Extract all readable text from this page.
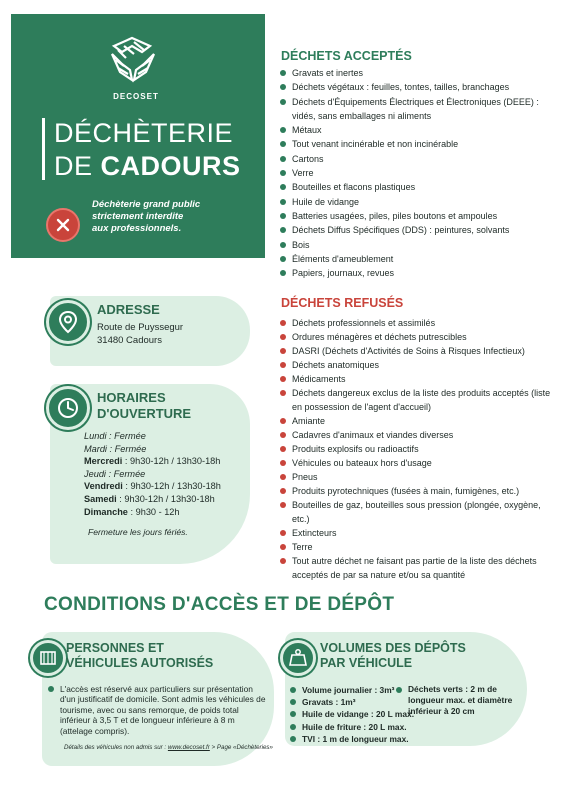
DECOSET
DÉCHÈTERIE
DE CADOURS
Déchèterie grand public
strictement interdite
aux professionnels.
ADRESSE
Route de Puyssegur
31480 Cadours
HORAIRES
D'OUVERTURE
Lundi : Fermée
Mardi : Fermée
Mercredi : 9h30-12h / 13h30-18h
Jeudi : Fermée
Vendredi : 9h30-12h / 13h30-18h
Samedi : 9h30-12h / 13h30-18h
Dimanche : 9h30 - 12h
Fermeture les jours fériés.
DÉCHETS ACCEPTÉS
Gravats et inertes
Déchets végétaux : feuilles, tontes, tailles, branchages
Déchets d'Équipements Électriques et Électroniques (DEEE) : vidés, sans emballages ni aliments
Métaux
Tout venant incinérable et non incinérable
Cartons
Verre
Bouteilles et flacons plastiques
Huile de vidange
Batteries usagées, piles, piles boutons et ampoules
Déchets Diffus Spécifiques (DDS) : peintures, solvants
Bois
Éléments d'ameublement
Papiers, journaux, revues
DÉCHETS REFUSÉS
Déchets professionnels et assimilés
Ordures ménagères et déchets putrescibles
DASRI (Déchets d'Activités de Soins à Risques Infectieux)
Déchets anatomiques
Médicaments
Déchets dangereux exclus de la liste des produits acceptés (liste en possession de l'agent d'accueil)
Amiante
Cadavres d'animaux et viandes diverses
Produits explosifs ou radioactifs
Véhicules ou bateaux hors d'usage
Pneus
Produits pyrotechniques (fusées à main, fumigènes, etc.)
Bouteilles de gaz, bouteilles sous pression (plongée, oxygène, etc.)
Extincteurs
Terre
Tout autre déchet ne faisant pas partie de la liste des déchets acceptés de par sa nature et/ou sa quantité
CONDITIONS D'ACCÈS ET DE DÉPÔT
PERSONNES ET
VÉHICULES AUTORISÉS
L'accès est réservé aux particuliers sur présentation d'un justificatif de domicile. Sont admis les véhicules de tourisme, avec ou sans remorque, de poids total inférieur à 3,5 T et de longueur inférieure à 8 m (attelage compris).
Détails des véhicules non admis sur : www.decoset.fr > Page «Déchèteries»
VOLUMES DES DÉPÔTS
PAR VÉHICULE
Volume journalier : 3m³
Gravats : 1m³
Huile de vidange : 20 L max.
Huile de friture : 20 L max.
TVI : 1 m de longueur max.
Déchets verts : 2 m de longueur max. et diamètre inférieur à 20 cm
